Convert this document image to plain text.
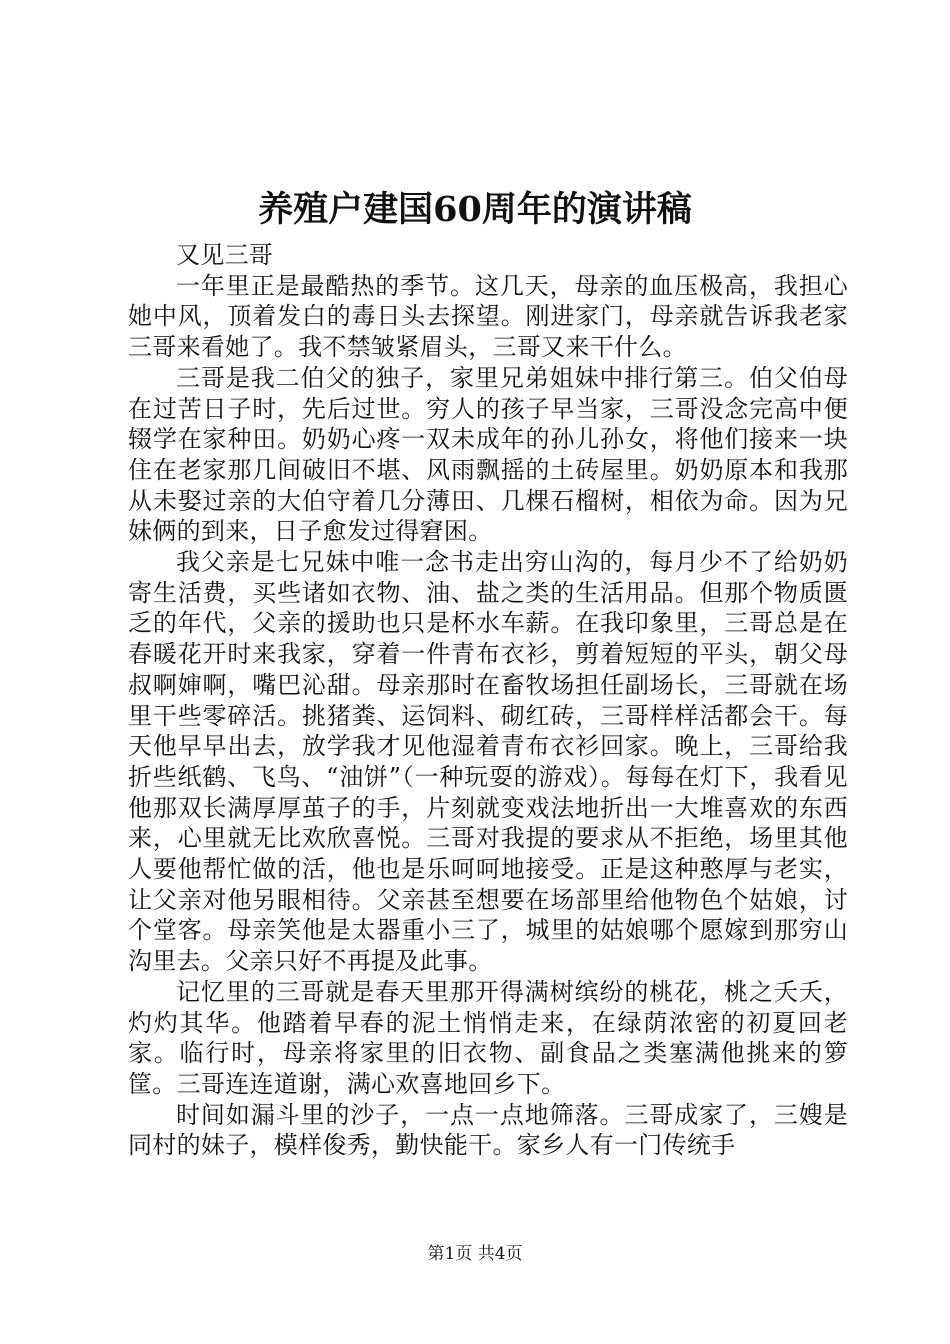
养殖户建国60周年的演讲稿

又见三哥

一年里正是最酷热的季节。这几天，母亲的血压极高，我担心她中风，顶着发白的毒日头去探望。刚进家门，母亲就告诉我老家三哥来看她了。我不禁皱紧眉头，三哥又来干什么。

三哥是我二伯父的独子，家里兄弟姐妹中排行第三。伯父伯母在过苦日子时，先后过世。穷人的孩子早当家，三哥没念完高中便辍学在家种田。奶奶心疼一双未成年的孙儿孙女，将他们接来一块住在老家那几间破旧不堪、风雨飘摇的土砖屋里。奶奶原本和我那从未娶过亲的大伯守着几分薄田、几棵石榴树，相依为命。因为兄妹俩的到来，日子愈发过得窘困。

我父亲是七兄妹中唯一念书走出穷山沟的，每月少不了给奶奶寄生活费，买些诸如衣物、油、盐之类的生活用品。但那个物质匮乏的年代，父亲的援助也只是杯水车薪。在我印象里，三哥总是在春暖花开时来我家，穿着一件青布衣衫，剪着短短的平头，朝父母叔啊婶啊，嘴巴沁甜。母亲那时在畜牧场担任副场长，三哥就在场里干些零碎活。挑猪粪、运饲料、砌红砖，三哥样样活都会干。每天他早早出去，放学我才见他湿着青布衣衫回家。晚上，三哥给我折些纸鹤、飞鸟、“油饼”（一种玩耍的游戏）。每每在灯下，我看见他那双长满厚厚茧子的手，片刻就变戏法地折出一大堆喜欢的东西来，心里就无比欢欣喜悦。三哥对我提的要求从不拒绝，场里其他人要他帮忙做的活，他也是乐呵呵地接受。正是这种憨厚与老实，让父亲对他另眼相待。父亲甚至想要在场部里给他物色个姑娘，讨个堂客。母亲笑他是太器重小三了，城里的姑娘哪个愿嫁到那穷山沟里去。父亲只好不再提及此事。

记忆里的三哥就是春天里那开得满树缤纷的桃花，桃之夭夭，灼灼其华。他踏着早春的泥土悄悄走来，在绿荫浓密的初夏回老家。临行时，母亲将家里的旧衣物、副食品之类塞满他挑来的箩筐。三哥连连道谢，满心欢喜地回乡下。

时间如漏斗里的沙子，一点一点地筛落。三哥成家了，三嫂是同村的妹子，模样俊秀，勤快能干。家乡人有一门传统手

第1页 共4页
